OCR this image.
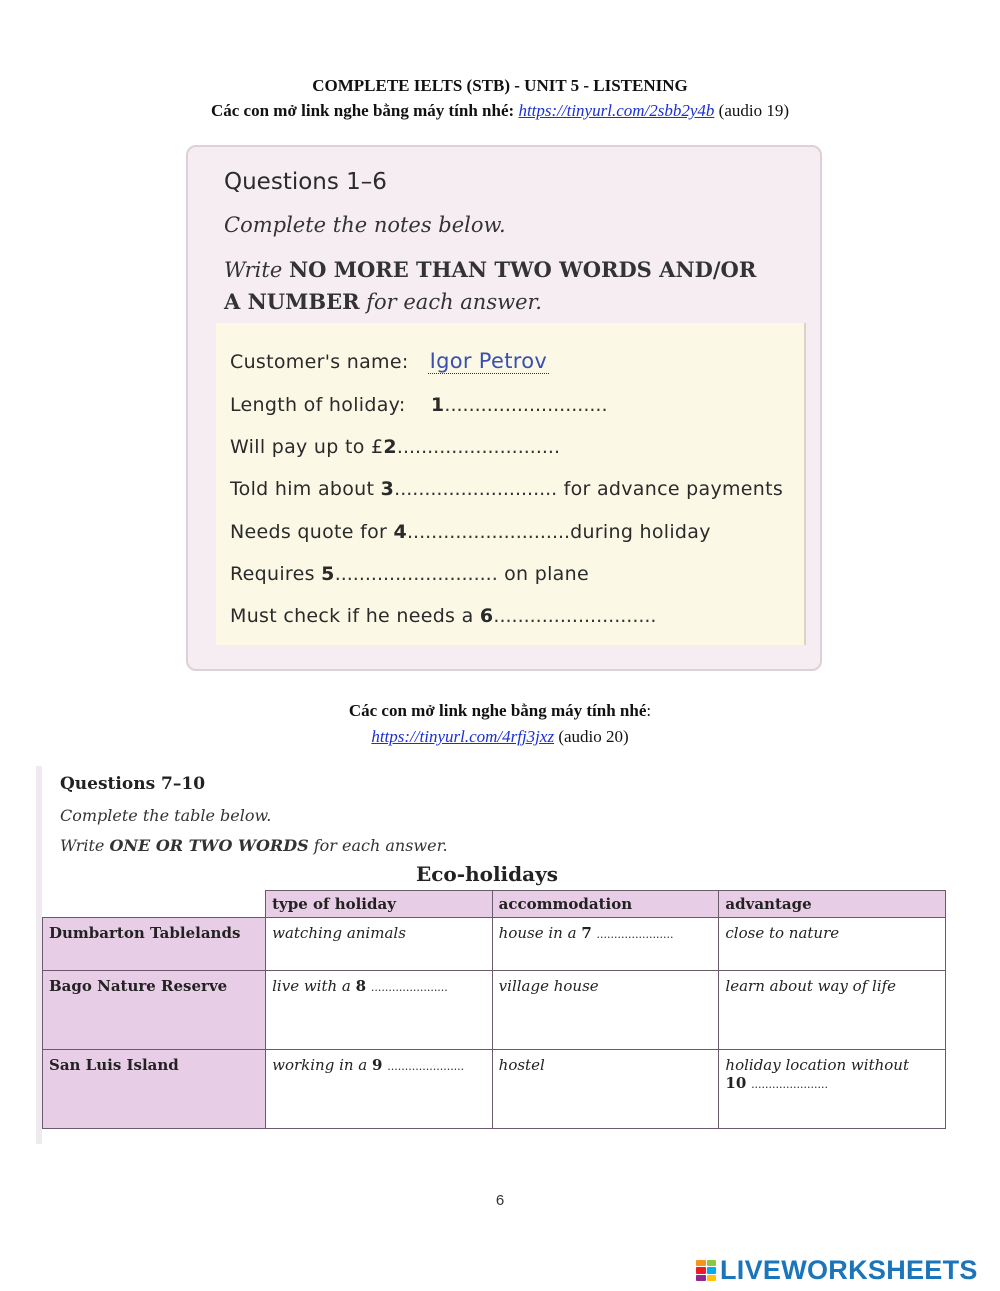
COMPLETE IELTS (STB) - UNIT 5 - LISTENING
Các con mở link nghe bằng máy tính nhé: https://tinyurl.com/2sbb2y4b (audio 19)
Questions 1–6
Complete the notes below.
Write NO MORE THAN TWO WORDS AND/OR
A NUMBER for each answer.
Customer's name: Igor Petrov
Length of holiday: 1...........................
Will pay up to £2...........................
Told him about 3........................... for advance payments
Needs quote for 4...........................during holiday
Requires 5........................... on plane
Must check if he needs a 6...........................
Các con mở link nghe bằng máy tính nhé:
https://tinyurl.com/4rfj3jxz (audio 20)
Questions 7–10
Complete the table below.
Write ONE OR TWO WORDS for each answer.
Eco-holidays
	type of holiday	accommodation	advantage
Dumbarton Tablelands	watching animals	house in a 7 ......................	close to nature
Bago Nature Reserve	live with a 8 ......................	village house	learn about way of life
San Luis Island	working in a 9 ......................	hostel	holiday location without
10 ......................
6
LIVEWORKSHEETS
